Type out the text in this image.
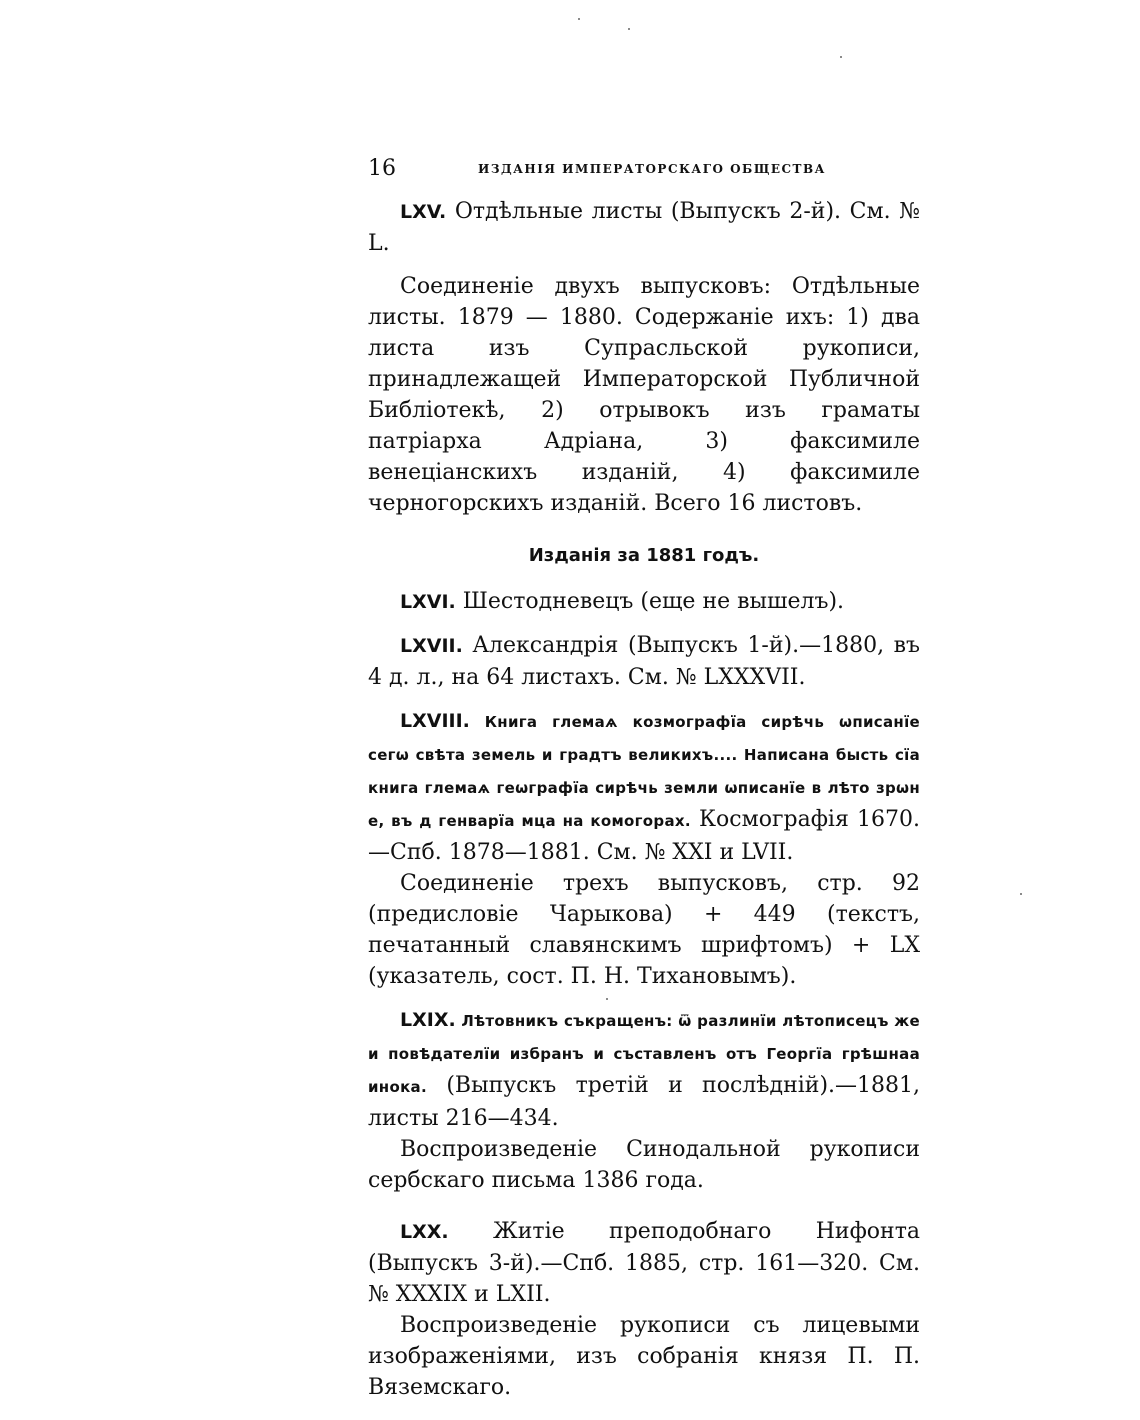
16	ИЗДАНІЯ ИМПЕРАТОРСКАГО ОБЩЕСТВА

LXV. Отдѣльные листы (Выпускъ 2-й). См. № L.

Соединеніе двухъ выпусковъ: Отдѣльные листы. 1879 — 1880. Содержаніе ихъ: 1) два листа изъ Супрасльской рукописи, принадлежащей Императорской Публичной Библіотекѣ, 2) отрывокъ изъ граматы патріарха Адріана, 3) факсимиле венеціанскихъ изданій, 4) факсимиле черногорскихъ изданій. Всего 16 листовъ.

Изданія за 1881 годъ.

LXVI. Шестодневецъ (еще не вышелъ).

LXVII. Александрія (Выпускъ 1-й).—1880, въ 4 д. л., на 64 листахъ. См. № LXXXVII.

LXVIII. Книга глемаѧ козмографїа сирѣчь ѡписанїе сегѡ свѣта земель и градтъ великихъ.... Написана бысть сїа книга глемаѧ геѡграфїа сирѣчь земли ѡписанїе в лѣто зрѡн е, въ д генварїа мца на комогорах. Космографія 1670.—Спб. 1878—1881. См. № XXI и LVII.

Соединеніе трехъ выпусковъ, стр. 92 (предисловіе Чарыкова) + 449 (текстъ, печатанный славянскимъ шрифтомъ) + LX (указатель, сост. П. Н. Тихановымъ).

LXIX. Лѣтовникъ съкращенъ: ѿ разлинїи лѣтописецъ же и повѣдателїи избранъ и съставленъ отъ Георгїа грѣшнаа инока. (Выпускъ третій и послѣдній).—1881, листы 216—434.

Воспроизведеніе Синодальной рукописи сербскаго письма 1386 года.

LXX. Житіе преподобнаго Нифонта (Выпускъ 3-й).—Спб. 1885, стр. 161—320. См. № XXXIX и LXII.

Воспроизведеніе рукописи съ лицевыми изображеніями, изъ собранія князя П. П. Вяземскаго.
